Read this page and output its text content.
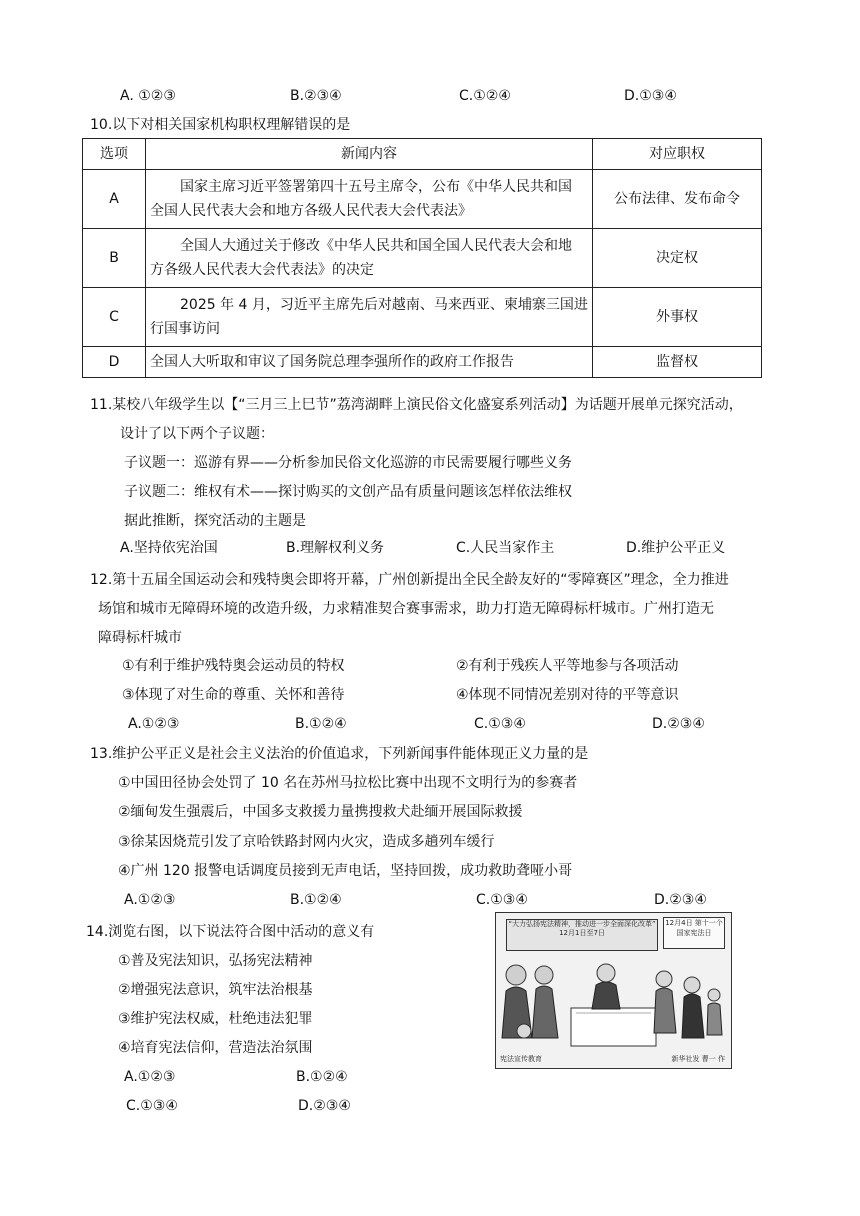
A. ①②③	B.②③④	C.①②④	D.①③④
10.以下对相关国家机构职权理解错误的是
选项	新闻内容	对应职权
A	国家主席习近平签署第四十五号主席令，公布《中华人民共和国
全国人民代表大会和地方各级人民代表大会代表法》	公布法律、发布命令
B	全国人大通过关于修改《中华人民共和国全国人民代表大会和地
方各级人民代表大会代表法》的决定	决定权
C	2025 年 4 月，习近平主席先后对越南、马来西亚、柬埔寨三国进
行国事访问	外事权
D	全国人大听取和审议了国务院总理李强所作的政府工作报告	监督权
11.某校八年级学生以【“三月三上巳节”荔湾湖畔上演民俗文化盛宴系列活动】为话题开展单元探究活动，
设计了以下两个子议题：
子议题一：巡游有界——分析参加民俗文化巡游的市民需要履行哪些义务
子议题二：维权有术——探讨购买的文创产品有质量问题该怎样依法维权
据此推断，探究活动的主题是
A.坚持依宪治国	B.理解权利义务	C.人民当家作主	D.维护公平正义
12.第十五届全国运动会和残特奥会即将开幕，广州创新提出全民全龄友好的“零障赛区”理念，全力推进
场馆和城市无障碍环境的改造升级，力求精准契合赛事需求，助力打造无障碍标杆城市。广州打造无
障碍标杆城市
①有利于维护残特奥会运动员的特权	②有利于残疾人平等地参与各项活动
③体现了对生命的尊重、关怀和善待	④体现不同情况差别对待的平等意识
A.①②③	B.①②④	C.①③④	D.②③④
13.维护公平正义是社会主义法治的价值追求，下列新闻事件能体现正义力量的是
①中国田径协会处罚了 10 名在苏州马拉松比赛中出现不文明行为的参赛者
②缅甸发生强震后，中国多支救援力量携搜救犬赴缅开展国际救援
③徐某因烧荒引发了京哈铁路封网内火灾，造成多趟列车缓行
④广州 120 报警电话调度员接到无声电话，坚持回拨，成功救助聋哑小哥
A.①②③	B.①②④	C.①③④	D.②③④
14.浏览右图，以下说法符合图中活动的意义有
①普及宪法知识，弘扬宪法精神
②增强宪法意识，筑牢法治根基
③维护宪法权威，杜绝违法犯罪
④培育宪法信仰，营造法治氛围
A.①②③	B.①②④
C.①③④	D.②③④
“大力弘扬宪法精神，推动进一步全面深化改革” 12月1日至7日
12月4日 第十一个国家宪法日
宪法宣传教育	新华社发 曹一 作
